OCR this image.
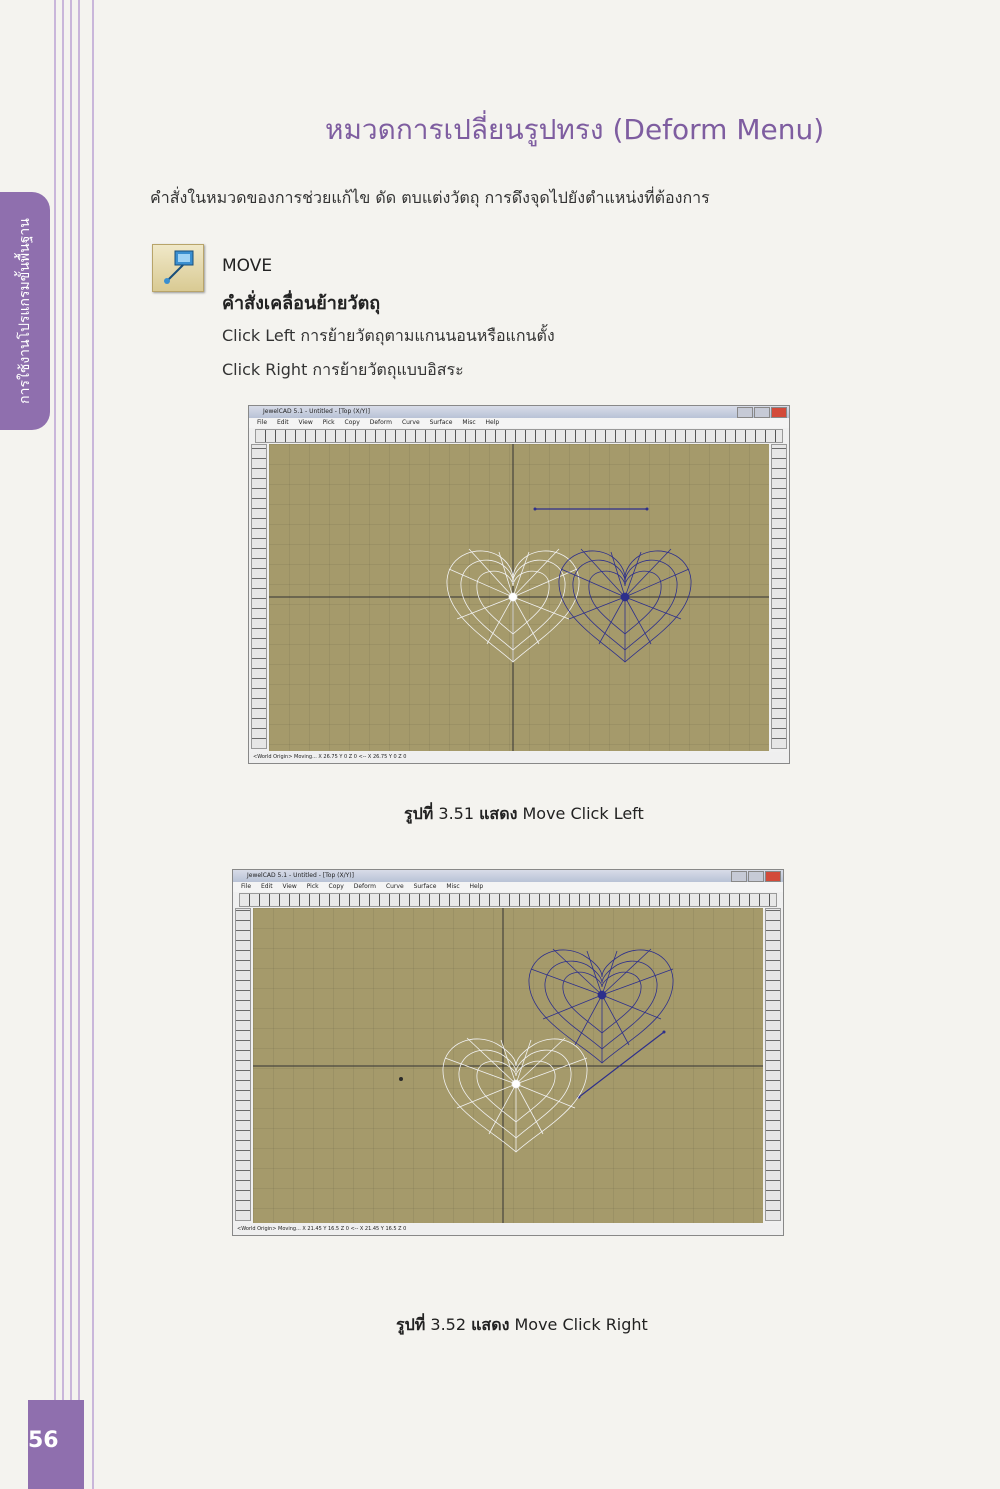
การใช้งานโปรแกรมขั้นพื้นฐาน
56
หมวดการเปลี่ยนรูปทรง (Deform Menu)
คำสั่งในหมวดของการช่วยแก้ไข ดัด ตบแต่งวัตถุ การดึงจุดไปยังตำแหน่งที่ต้องการ
MOVE
คำสั่งเคลื่อนย้ายวัตถุ
Click Left การย้ายวัตถุตามแกนนอนหรือแกนตั้ง
Click Right การย้ายวัตถุแบบอิสระ
JewelCAD 5.1 - Untitled - [Top (X/Y)]
File Edit View Pick Copy Deform Curve Surface Misc Help
<World Origin> Moving... X 26.75 Y 0 Z 0 <-- X 26.75 Y 0 Z 0
รูปที่ 3.51 แสดง Move Click Left
JewelCAD 5.1 - Untitled - [Top (X/Y)]
File Edit View Pick Copy Deform Curve Surface Misc Help
<World Origin> Moving... X 21.45 Y 16.5 Z 0 <-- X 21.45 Y 16.5 Z 0
รูปที่ 3.52 แสดง Move Click Right
